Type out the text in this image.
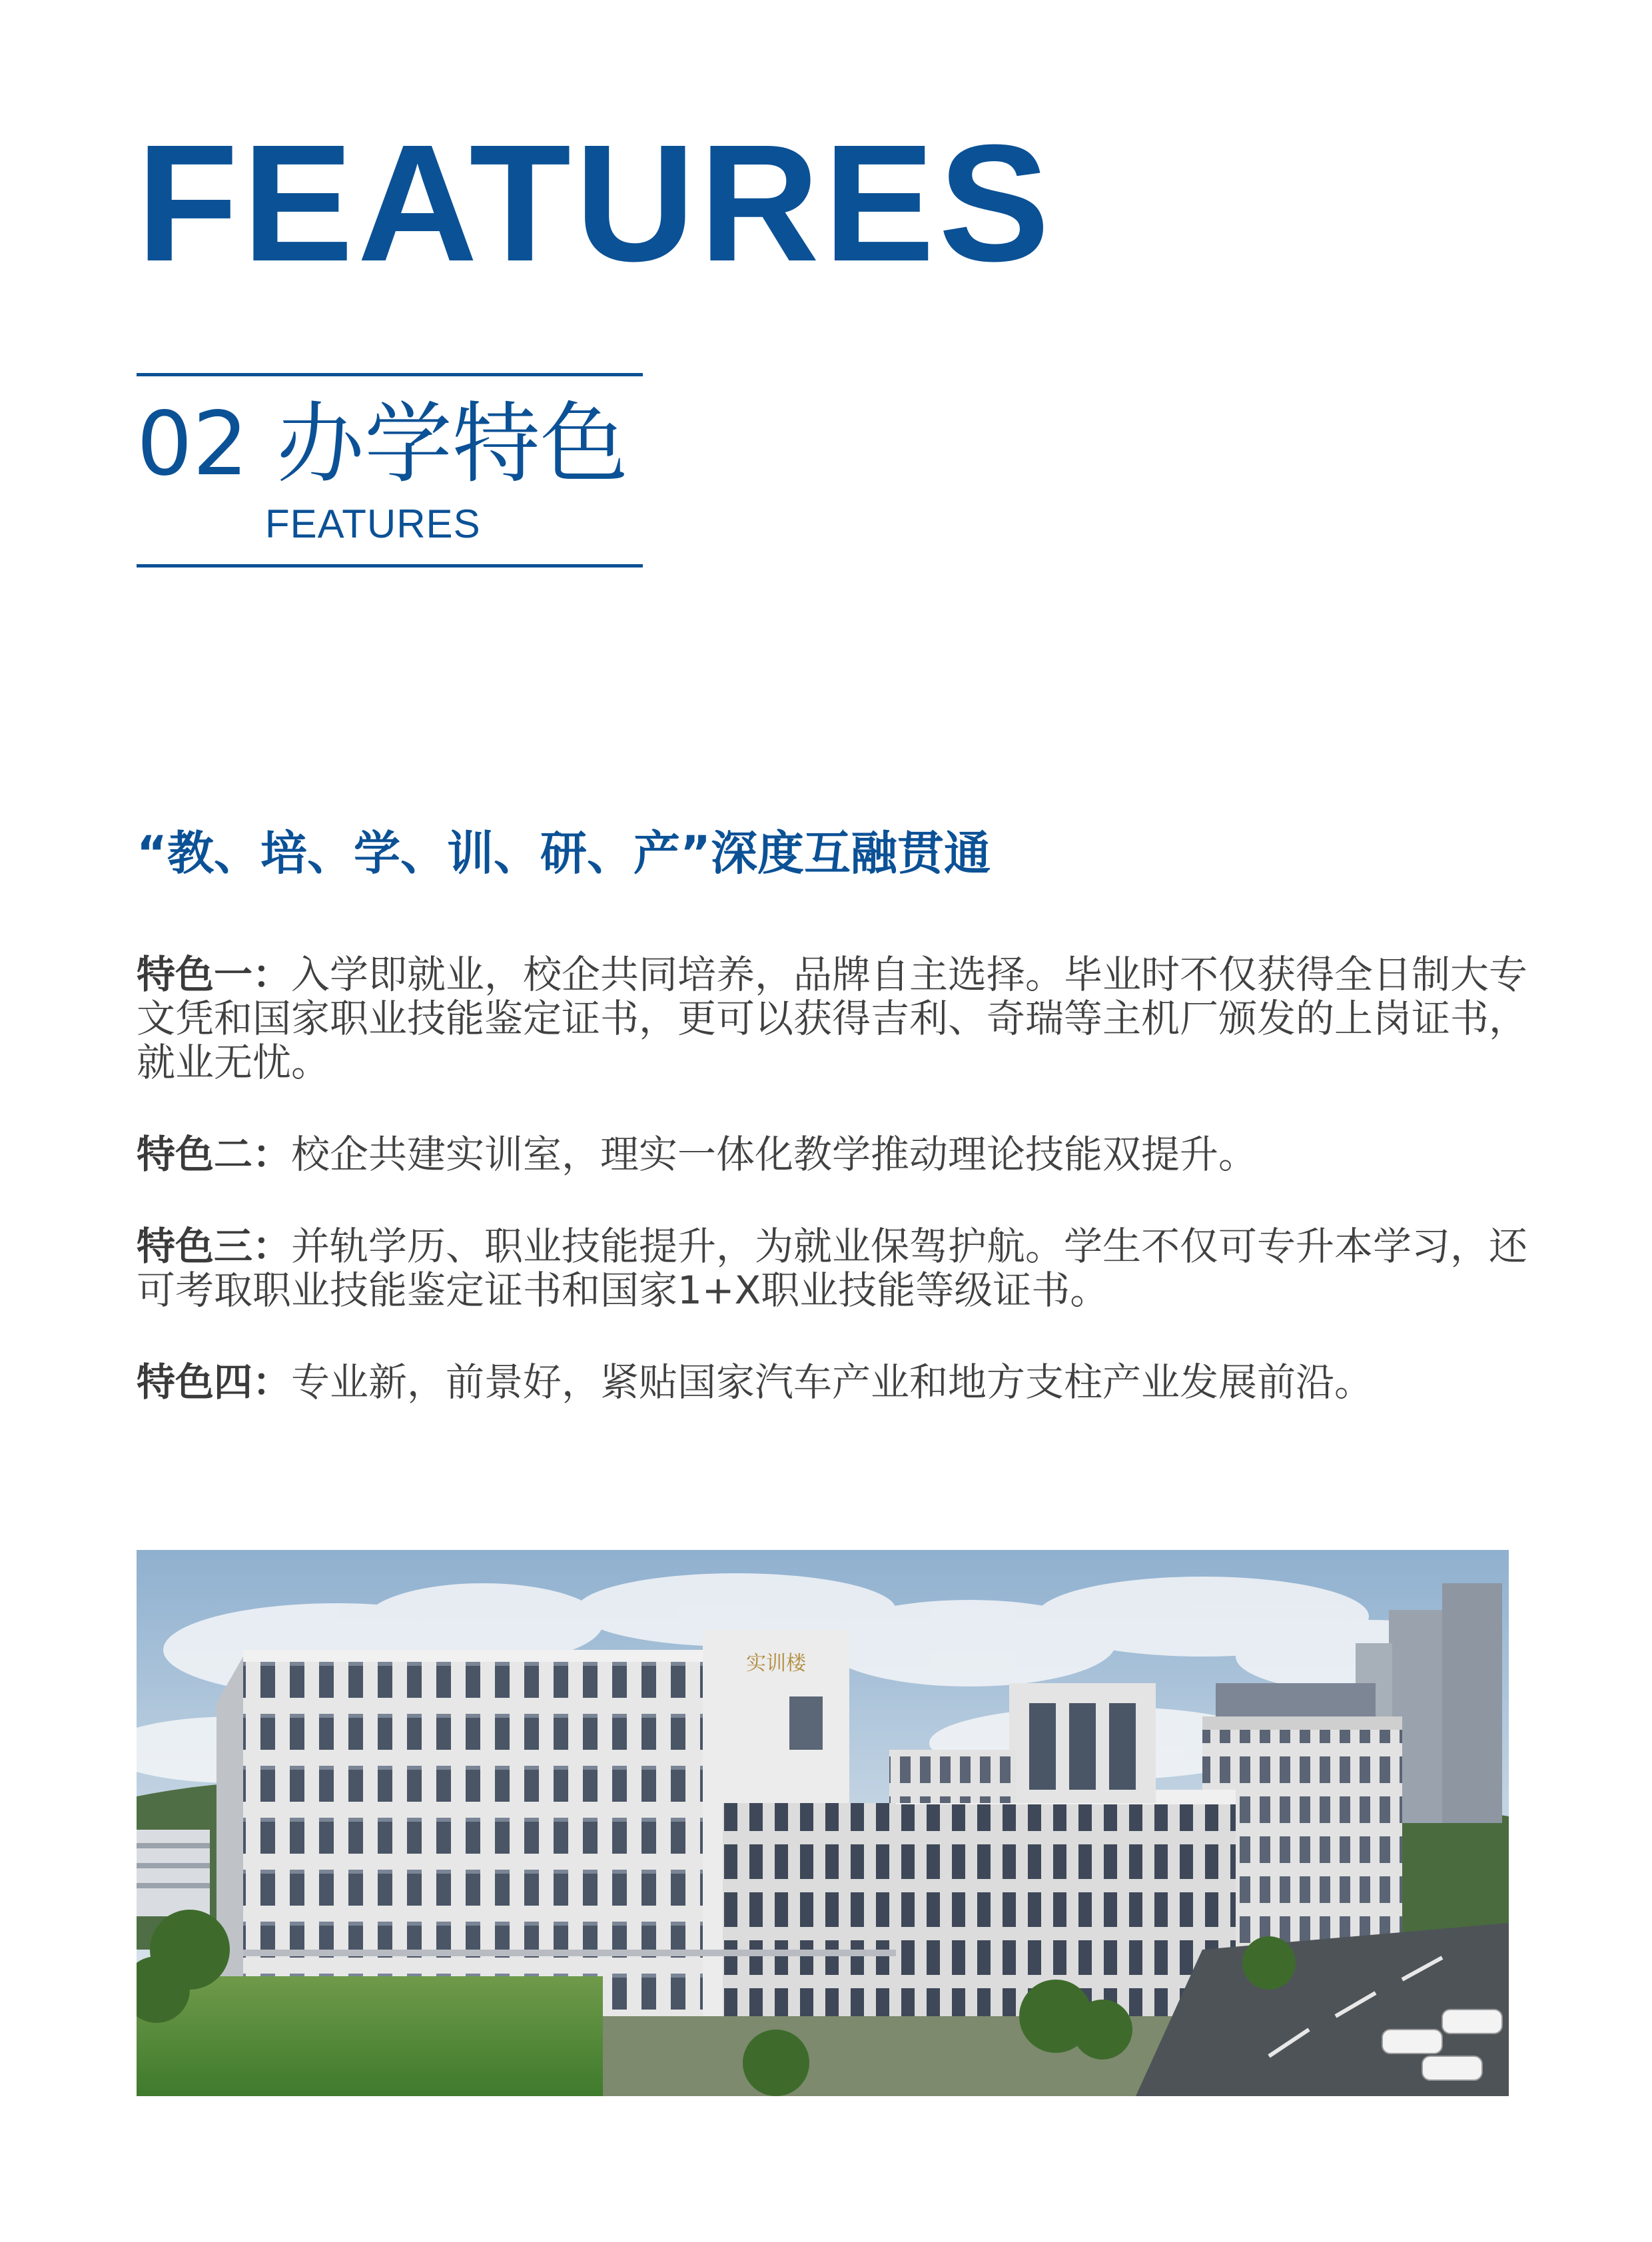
FEATURES
02 办学特色
FEATURES
“教、培、学、训、研、产”深度互融贯通

特色一：入学即就业，校企共同培养，品牌自主选择。毕业时不仅获得全日制大专文凭和国家职业技能鉴定证书，更可以获得吉利、奇瑞等主机厂颁发的上岗证书，就业无忧。

特色二：校企共建实训室，理实一体化教学推动理论技能双提升。

特色三：并轨学历、职业技能提升，为就业保驾护航。学生不仅可专升本学习，还可考取职业技能鉴定证书和国家1+X职业技能等级证书。

特色四：专业新，前景好，紧贴国家汽车产业和地方支柱产业发展前沿。

实训楼
